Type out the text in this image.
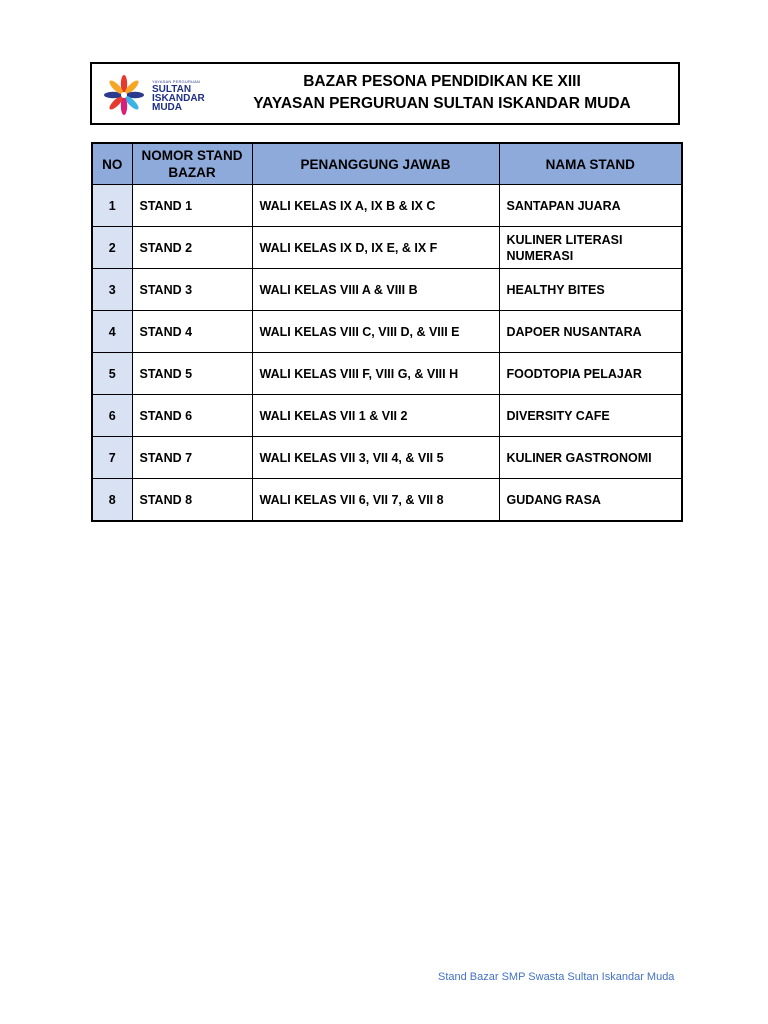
YAYASAN PERGURUAN
SULTAN
ISKANDAR
MUDA
BAZAR PESONA PENDIDIKAN KE XIII
YAYASAN PERGURUAN SULTAN ISKANDAR MUDA
NO	NOMOR STAND BAZAR	PENANGGUNG JAWAB	NAMA STAND
1	STAND 1	WALI KELAS IX A, IX B & IX C	SANTAPAN JUARA
2	STAND 2	WALI KELAS IX D, IX E, & IX F	KULINER LITERASI NUMERASI
3	STAND 3	WALI KELAS VIII A & VIII B	HEALTHY BITES
4	STAND 4	WALI KELAS VIII C, VIII D, & VIII E	DAPOER NUSANTARA
5	STAND 5	WALI KELAS VIII F, VIII G, & VIII H	FOODTOPIA PELAJAR
6	STAND 6	WALI KELAS VII 1 & VII 2	DIVERSITY CAFE
7	STAND 7	WALI KELAS VII 3, VII 4, & VII 5	KULINER GASTRONOMI
8	STAND 8	WALI KELAS VII 6, VII 7, & VII 8	GUDANG RASA
Stand Bazar SMP Swasta Sultan Iskandar Muda
